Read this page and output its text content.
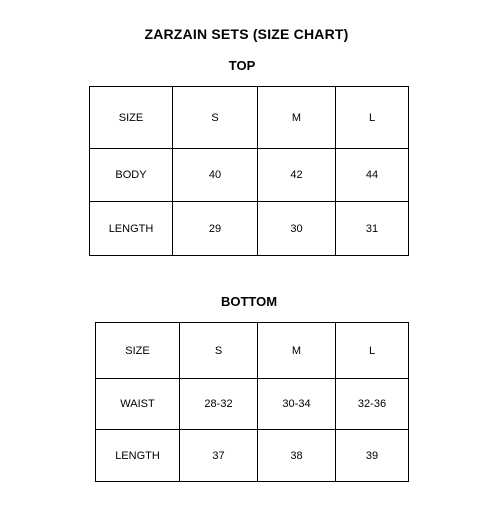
ZARZAIN SETS (SIZE CHART)
TOP
SIZE	S	M	L
BODY	40	42	44
LENGTH	29	30	31
BOTTOM
SIZE	S	M	L
WAIST	28-32	30-34	32-36
LENGTH	37	38	39
